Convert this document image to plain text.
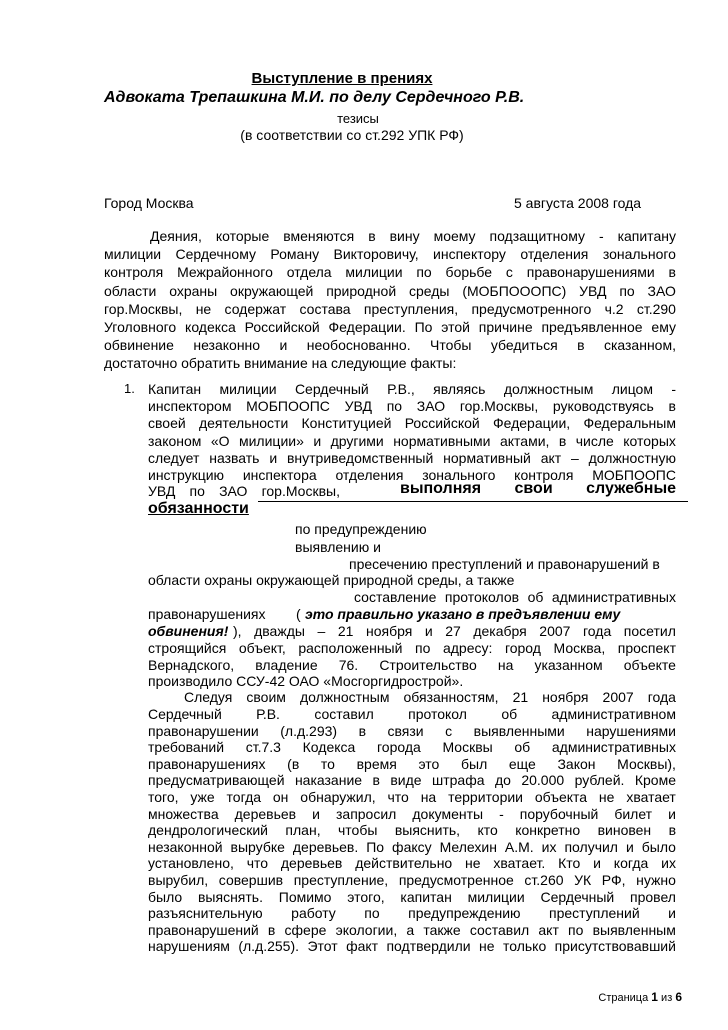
Выступление в прениях
Адвоката Трепашкина М.И. по делу Сердечного Р.В.
тезисы
(в соответствии со ст.292 УПК РФ)
Город Москва	5 августа 2008 года
Деяния, которые вменяются в вину моему подзащитному - капитану
милиции Сердечному Роману Викторовичу, инспектору отделения зонального
контроля Межрайонного отдела милиции по борьбе с правонарушениями в
области охраны окружающей природной среды (МОБПОООПС) УВД по ЗАО
гор.Москвы, не содержат состава преступления, предусмотренного ч.2 ст.290
Уголовного кодекса Российской Федерации. По этой причине предъявленное ему
обвинение незаконно и необоснованно. Чтобы убедиться в сказанном,
достаточно обратить внимание на следующие факты:
1. Капитан милиции Сердечный Р.В., являясь должностным лицом -
инспектором МОБПООПС УВД по ЗАО гор.Москвы, руководствуясь в
своей деятельности Конституцией Российской Федерации, Федеральным
законом «О милиции» и другими нормативными актами, в числе которых
следует назвать и внутриведомственный нормативный акт – должностную
инструкцию инспектора отделения зонального контроля МОБПООПС
УВД по ЗАО гор.Москвы,	выполняя свои служебные
обязанности
по предупреждению
выявлению и
пресечению преступлений и правонарушений в
области охраны окружающей природной среды, а также
составление протоколов об административных
правонарушениях ( это правильно указано в предъявлении ему
обвинения! ), дважды – 21 ноября и 27 декабря 2007 года посетил
строящийся объект, расположенный по адресу: город Москва, проспект
Вернадского, владение 76. Строительство на указанном объекте
производило ССУ-42 ОАО «Мосгоргидрострой».
Следуя своим должностным обязанностям, 21 ноября 2007 года
Сердечный Р.В. составил протокол об административном
правонарушении (л.д.293) в связи с выявленными нарушениями
требований ст.7.3 Кодекса города Москвы об административных
правонарушениях (в то время это был еще Закон Москвы),
предусматривающей наказание в виде штрафа до 20.000 рублей. Кроме
того, уже тогда он обнаружил, что на территории объекта не хватает
множества деревьев и запросил документы - порубочный билет и
дендрологический план, чтобы выяснить, кто конкретно виновен в
незаконной вырубке деревьев. По факсу Мелехин А.М. их получил и было
установлено, что деревьев действительно не хватает. Кто и когда их
вырубил, совершив преступление, предусмотренное ст.260 УК РФ, нужно
было выяснять. Помимо этого, капитан милиции Сердечный провел
разъяснительную работу по предупреждению преступлений и
правонарушений в сфере экологии, а также составил акт по выявленным
нарушениям (л.д.255). Этот факт подтвердили не только присутствовавший
Страница 1 из 6
